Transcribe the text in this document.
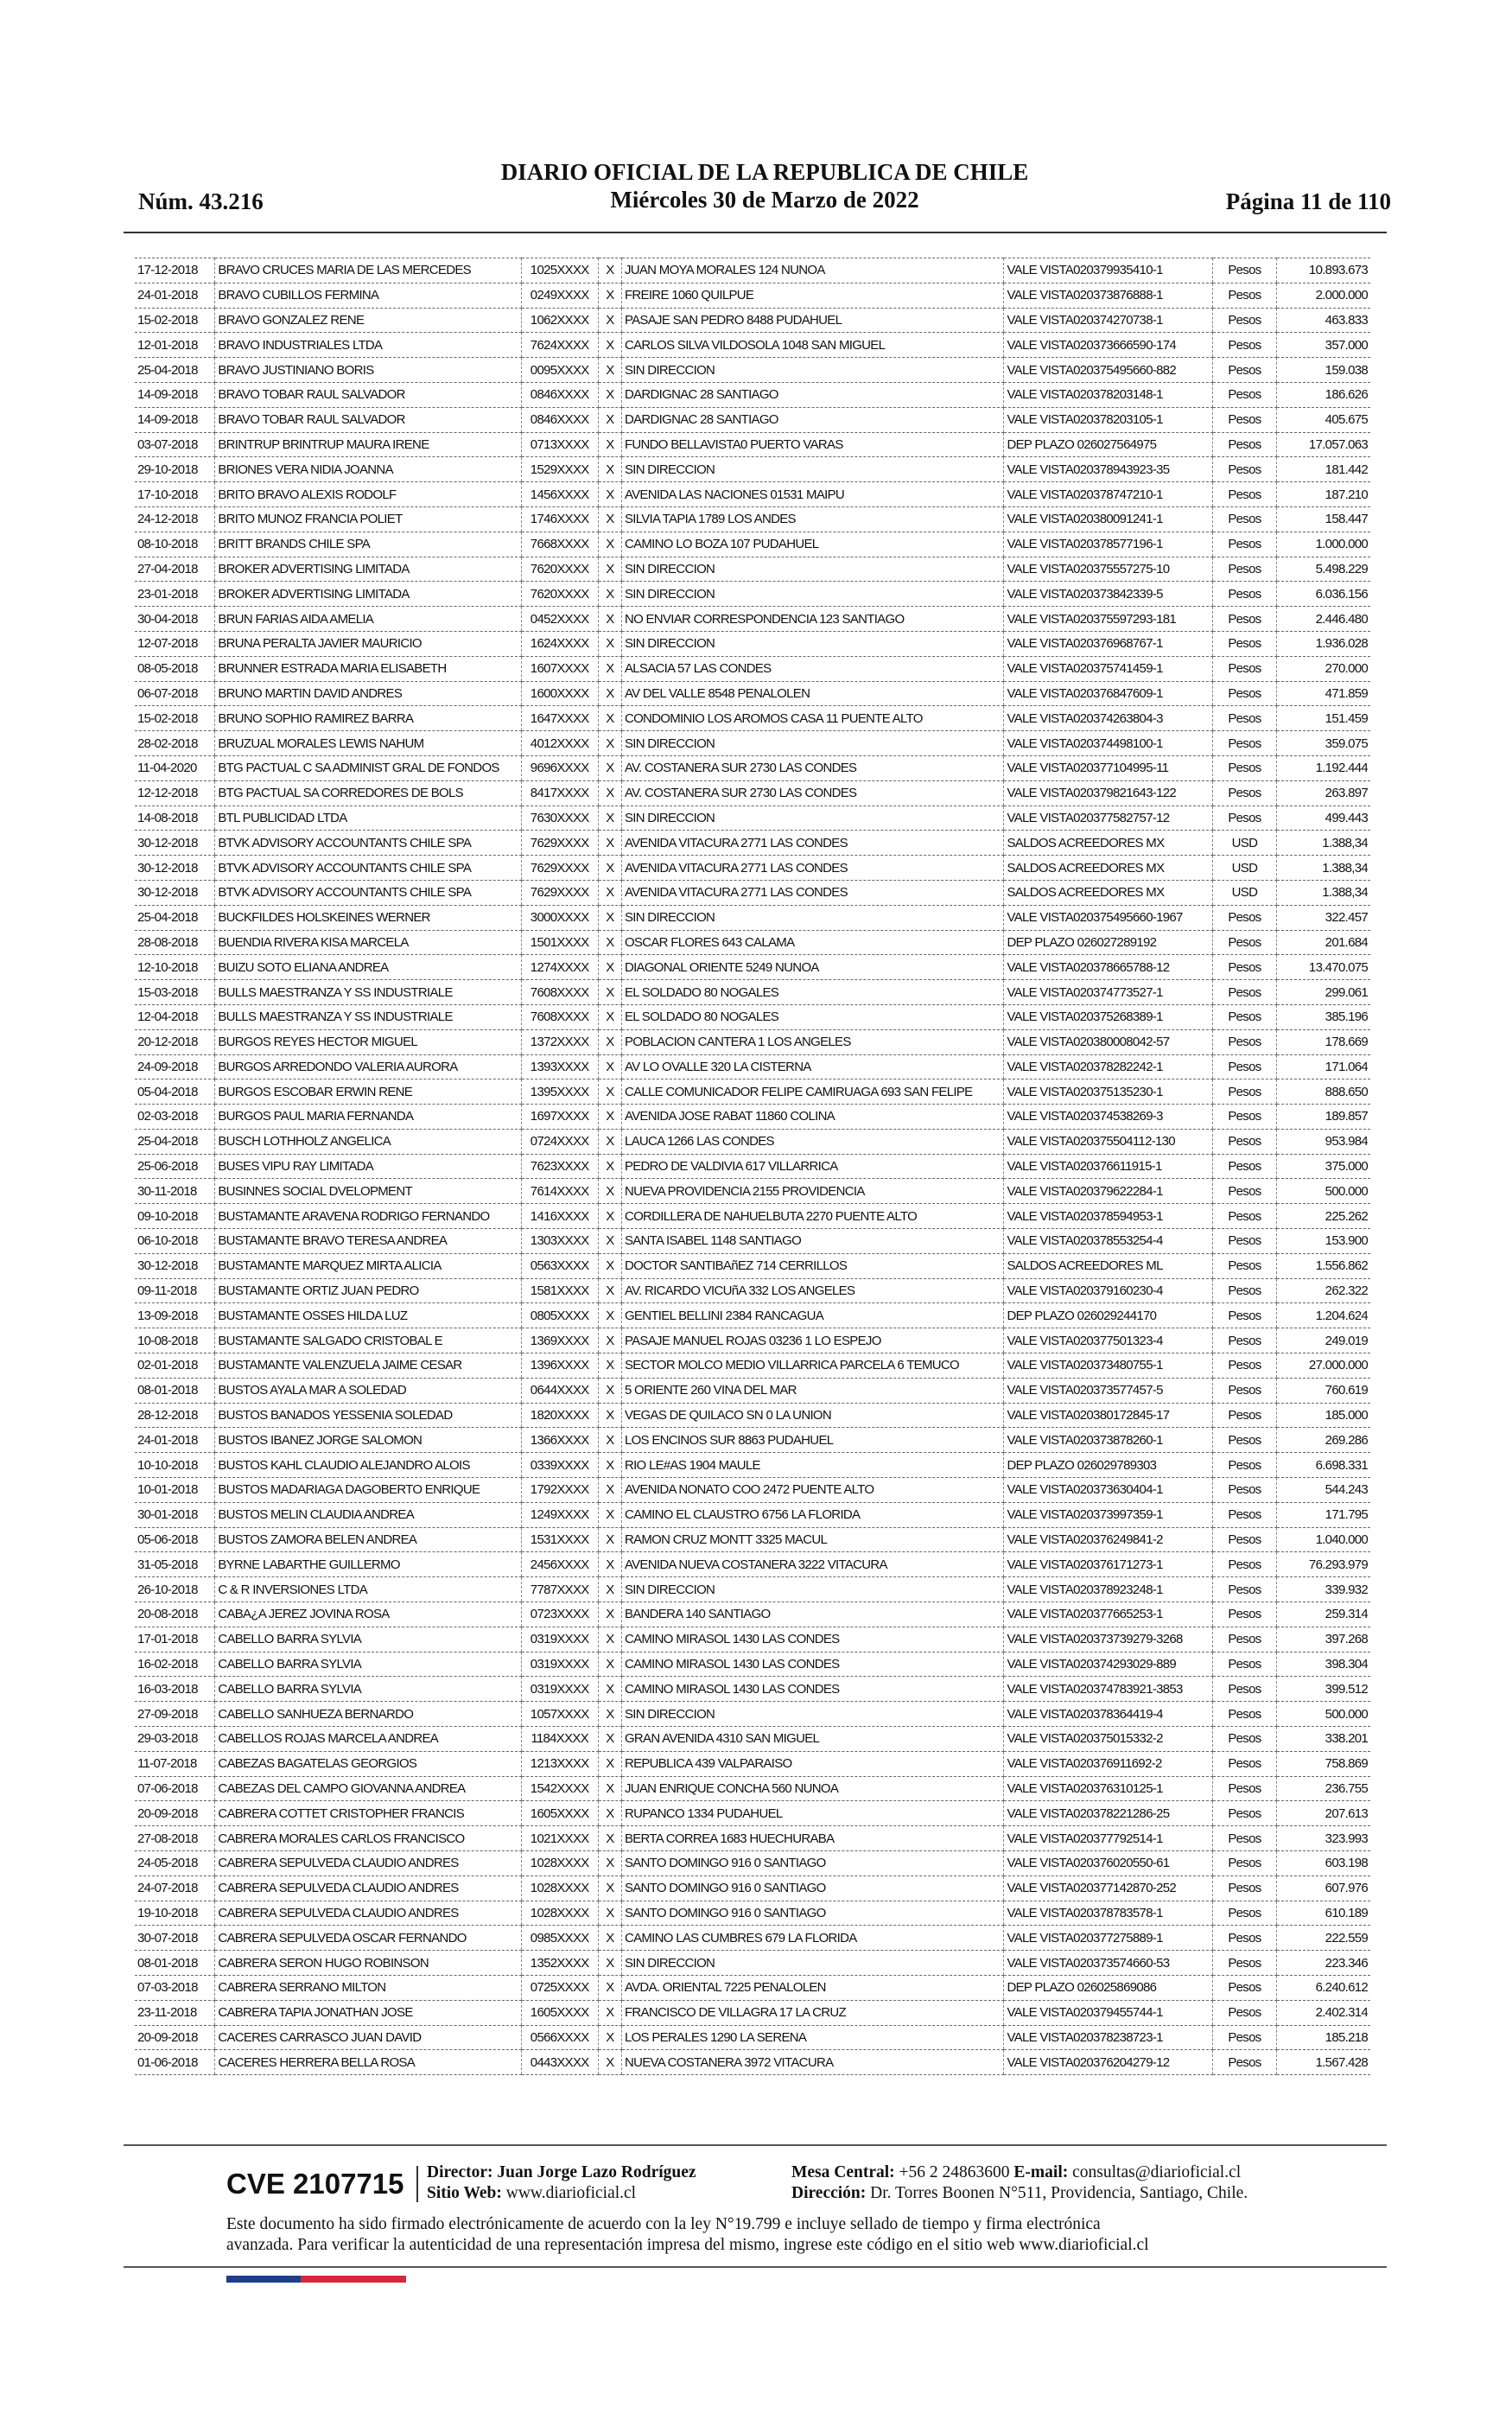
Núm. 43.216
DIARIO OFICIAL DE LA REPUBLICA DE CHILE
Miércoles 30 de Marzo de 2022	Página 11 de 110
17-12-2018	BRAVO CRUCES MARIA DE LAS MERCEDES	1025XXXX	X	JUAN MOYA MORALES 124 NUNOA	VALE VISTA020379935410-1	Pesos	10.893.673
24-01-2018	BRAVO CUBILLOS FERMINA	0249XXXX	X	FREIRE 1060 QUILPUE	VALE VISTA020373876888-1	Pesos	2.000.000
15-02-2018	BRAVO GONZALEZ RENE	1062XXXX	X	PASAJE SAN PEDRO 8488 PUDAHUEL	VALE VISTA020374270738-1	Pesos	463.833
12-01-2018	BRAVO INDUSTRIALES LTDA	7624XXXX	X	CARLOS SILVA VILDOSOLA 1048 SAN MIGUEL	VALE VISTA020373666590-174	Pesos	357.000
25-04-2018	BRAVO JUSTINIANO BORIS	0095XXXX	X	SIN DIRECCION	VALE VISTA020375495660-882	Pesos	159.038
14-09-2018	BRAVO TOBAR RAUL SALVADOR	0846XXXX	X	DARDIGNAC 28 SANTIAGO	VALE VISTA020378203148-1	Pesos	186.626
14-09-2018	BRAVO TOBAR RAUL SALVADOR	0846XXXX	X	DARDIGNAC 28 SANTIAGO	VALE VISTA020378203105-1	Pesos	405.675
03-07-2018	BRINTRUP BRINTRUP MAURA IRENE	0713XXXX	X	FUNDO BELLAVISTA0 PUERTO VARAS	DEP PLAZO 026027564975	Pesos	17.057.063
29-10-2018	BRIONES VERA NIDIA JOANNA	1529XXXX	X	SIN DIRECCION	VALE VISTA020378943923-35	Pesos	181.442
17-10-2018	BRITO BRAVO ALEXIS RODOLF	1456XXXX	X	AVENIDA LAS NACIONES 01531 MAIPU	VALE VISTA020378747210-1	Pesos	187.210
24-12-2018	BRITO MUNOZ FRANCIA POLIET	1746XXXX	X	SILVIA TAPIA 1789 LOS ANDES	VALE VISTA020380091241-1	Pesos	158.447
08-10-2018	BRITT BRANDS CHILE SPA	7668XXXX	X	CAMINO LO BOZA 107 PUDAHUEL	VALE VISTA020378577196-1	Pesos	1.000.000
27-04-2018	BROKER ADVERTISING LIMITADA	7620XXXX	X	SIN DIRECCION	VALE VISTA020375557275-10	Pesos	5.498.229
23-01-2018	BROKER ADVERTISING LIMITADA	7620XXXX	X	SIN DIRECCION	VALE VISTA020373842339-5	Pesos	6.036.156
30-04-2018	BRUN FARIAS AIDA AMELIA	0452XXXX	X	NO ENVIAR CORRESPONDENCIA 123 SANTIAGO	VALE VISTA020375597293-181	Pesos	2.446.480
12-07-2018	BRUNA PERALTA JAVIER MAURICIO	1624XXXX	X	SIN DIRECCION	VALE VISTA020376968767-1	Pesos	1.936.028
08-05-2018	BRUNNER ESTRADA MARIA ELISABETH	1607XXXX	X	ALSACIA 57 LAS CONDES	VALE VISTA020375741459-1	Pesos	270.000
06-07-2018	BRUNO MARTIN DAVID ANDRES	1600XXXX	X	AV DEL VALLE 8548 PENALOLEN	VALE VISTA020376847609-1	Pesos	471.859
15-02-2018	BRUNO SOPHIO RAMIREZ BARRA	1647XXXX	X	CONDOMINIO LOS AROMOS CASA 11 PUENTE ALTO	VALE VISTA020374263804-3	Pesos	151.459
28-02-2018	BRUZUAL MORALES LEWIS NAHUM	4012XXXX	X	SIN DIRECCION	VALE VISTA020374498100-1	Pesos	359.075
11-04-2020	BTG PACTUAL C SA ADMINIST GRAL DE FONDOS	9696XXXX	X	AV. COSTANERA SUR 2730 LAS CONDES	VALE VISTA020377104995-11	Pesos	1.192.444
12-12-2018	BTG PACTUAL SA CORREDORES DE BOLS	8417XXXX	X	AV. COSTANERA SUR 2730 LAS CONDES	VALE VISTA020379821643-122	Pesos	263.897
14-08-2018	BTL PUBLICIDAD LTDA	7630XXXX	X	SIN DIRECCION	VALE VISTA020377582757-12	Pesos	499.443
30-12-2018	BTVK ADVISORY ACCOUNTANTS CHILE SPA	7629XXXX	X	AVENIDA VITACURA 2771 LAS CONDES	SALDOS ACREEDORES MX	USD	1.388,34
30-12-2018	BTVK ADVISORY ACCOUNTANTS CHILE SPA	7629XXXX	X	AVENIDA VITACURA 2771 LAS CONDES	SALDOS ACREEDORES MX	USD	1.388,34
30-12-2018	BTVK ADVISORY ACCOUNTANTS CHILE SPA	7629XXXX	X	AVENIDA VITACURA 2771 LAS CONDES	SALDOS ACREEDORES MX	USD	1.388,34
25-04-2018	BUCKFILDES HOLSKEINES WERNER	3000XXXX	X	SIN DIRECCION	VALE VISTA020375495660-1967	Pesos	322.457
28-08-2018	BUENDIA RIVERA KISA MARCELA	1501XXXX	X	OSCAR FLORES 643 CALAMA	DEP PLAZO 026027289192	Pesos	201.684
12-10-2018	BUIZU SOTO ELIANA ANDREA	1274XXXX	X	DIAGONAL ORIENTE 5249 NUNOA	VALE VISTA020378665788-12	Pesos	13.470.075
15-03-2018	BULLS MAESTRANZA Y SS INDUSTRIALE	7608XXXX	X	EL SOLDADO 80 NOGALES	VALE VISTA020374773527-1	Pesos	299.061
12-04-2018	BULLS MAESTRANZA Y SS INDUSTRIALE	7608XXXX	X	EL SOLDADO 80 NOGALES	VALE VISTA020375268389-1	Pesos	385.196
20-12-2018	BURGOS REYES HECTOR MIGUEL	1372XXXX	X	POBLACION CANTERA 1 LOS ANGELES	VALE VISTA020380008042-57	Pesos	178.669
24-09-2018	BURGOS ARREDONDO VALERIA AURORA	1393XXXX	X	AV LO OVALLE 320 LA CISTERNA	VALE VISTA020378282242-1	Pesos	171.064
05-04-2018	BURGOS ESCOBAR ERWIN RENE	1395XXXX	X	CALLE COMUNICADOR FELIPE CAMIRUAGA 693 SAN FELIPE	VALE VISTA020375135230-1	Pesos	888.650
02-03-2018	BURGOS PAUL MARIA FERNANDA	1697XXXX	X	AVENIDA JOSE RABAT 11860 COLINA	VALE VISTA020374538269-3	Pesos	189.857
25-04-2018	BUSCH LOTHHOLZ ANGELICA	0724XXXX	X	LAUCA 1266 LAS CONDES	VALE VISTA020375504112-130	Pesos	953.984
25-06-2018	BUSES VIPU RAY LIMITADA	7623XXXX	X	PEDRO DE VALDIVIA 617 VILLARRICA	VALE VISTA020376611915-1	Pesos	375.000
30-11-2018	BUSINNES SOCIAL DVELOPMENT	7614XXXX	X	NUEVA PROVIDENCIA 2155 PROVIDENCIA	VALE VISTA020379622284-1	Pesos	500.000
09-10-2018	BUSTAMANTE ARAVENA RODRIGO FERNANDO	1416XXXX	X	CORDILLERA DE NAHUELBUTA 2270 PUENTE ALTO	VALE VISTA020378594953-1	Pesos	225.262
06-10-2018	BUSTAMANTE BRAVO TERESA ANDREA	1303XXXX	X	SANTA ISABEL 1148 SANTIAGO	VALE VISTA020378553254-4	Pesos	153.900
30-12-2018	BUSTAMANTE MARQUEZ MIRTA ALICIA	0563XXXX	X	DOCTOR SANTIBAñEZ 714 CERRILLOS	SALDOS ACREEDORES ML	Pesos	1.556.862
09-11-2018	BUSTAMANTE ORTIZ JUAN PEDRO	1581XXXX	X	AV. RICARDO VICUñA 332 LOS ANGELES	VALE VISTA020379160230-4	Pesos	262.322
13-09-2018	BUSTAMANTE OSSES HILDA LUZ	0805XXXX	X	GENTIEL BELLINI 2384 RANCAGUA	DEP PLAZO 026029244170	Pesos	1.204.624
10-08-2018	BUSTAMANTE SALGADO CRISTOBAL E	1369XXXX	X	PASAJE MANUEL ROJAS 03236 1 LO ESPEJO	VALE VISTA020377501323-4	Pesos	249.019
02-01-2018	BUSTAMANTE VALENZUELA JAIME CESAR	1396XXXX	X	SECTOR MOLCO MEDIO VILLARRICA PARCELA 6 TEMUCO	VALE VISTA020373480755-1	Pesos	27.000.000
08-01-2018	BUSTOS AYALA MAR A SOLEDAD	0644XXXX	X	5 ORIENTE 260 VINA DEL MAR	VALE VISTA020373577457-5	Pesos	760.619
28-12-2018	BUSTOS BANADOS YESSENIA SOLEDAD	1820XXXX	X	VEGAS DE QUILACO SN 0 LA UNION	VALE VISTA020380172845-17	Pesos	185.000
24-01-2018	BUSTOS IBANEZ JORGE SALOMON	1366XXXX	X	LOS ENCINOS SUR 8863 PUDAHUEL	VALE VISTA020373878260-1	Pesos	269.286
10-10-2018	BUSTOS KAHL CLAUDIO ALEJANDRO ALOIS	0339XXXX	X	RIO LE#AS 1904 MAULE	DEP PLAZO 026029789303	Pesos	6.698.331
10-01-2018	BUSTOS MADARIAGA DAGOBERTO ENRIQUE	1792XXXX	X	AVENIDA NONATO COO 2472 PUENTE ALTO	VALE VISTA020373630404-1	Pesos	544.243
30-01-2018	BUSTOS MELIN CLAUDIA ANDREA	1249XXXX	X	CAMINO EL CLAUSTRO 6756 LA FLORIDA	VALE VISTA020373997359-1	Pesos	171.795
05-06-2018	BUSTOS ZAMORA BELEN ANDREA	1531XXXX	X	RAMON CRUZ MONTT 3325 MACUL	VALE VISTA020376249841-2	Pesos	1.040.000
31-05-2018	BYRNE LABARTHE GUILLERMO	2456XXXX	X	AVENIDA NUEVA COSTANERA 3222 VITACURA	VALE VISTA020376171273-1	Pesos	76.293.979
26-10-2018	C & R INVERSIONES LTDA	7787XXXX	X	SIN DIRECCION	VALE VISTA020378923248-1	Pesos	339.932
20-08-2018	CABA¿A JEREZ JOVINA ROSA	0723XXXX	X	BANDERA 140 SANTIAGO	VALE VISTA020377665253-1	Pesos	259.314
17-01-2018	CABELLO BARRA SYLVIA	0319XXXX	X	CAMINO MIRASOL 1430 LAS CONDES	VALE VISTA020373739279-3268	Pesos	397.268
16-02-2018	CABELLO BARRA SYLVIA	0319XXXX	X	CAMINO MIRASOL 1430 LAS CONDES	VALE VISTA020374293029-889	Pesos	398.304
16-03-2018	CABELLO BARRA SYLVIA	0319XXXX	X	CAMINO MIRASOL 1430 LAS CONDES	VALE VISTA020374783921-3853	Pesos	399.512
27-09-2018	CABELLO SANHUEZA BERNARDO	1057XXXX	X	SIN DIRECCION	VALE VISTA020378364419-4	Pesos	500.000
29-03-2018	CABELLOS ROJAS MARCELA ANDREA	1184XXXX	X	GRAN AVENIDA 4310 SAN MIGUEL	VALE VISTA020375015332-2	Pesos	338.201
11-07-2018	CABEZAS BAGATELAS GEORGIOS	1213XXXX	X	REPUBLICA 439 VALPARAISO	VALE VISTA020376911692-2	Pesos	758.869
07-06-2018	CABEZAS DEL CAMPO GIOVANNA ANDREA	1542XXXX	X	JUAN ENRIQUE CONCHA 560 NUNOA	VALE VISTA020376310125-1	Pesos	236.755
20-09-2018	CABRERA COTTET CRISTOPHER FRANCIS	1605XXXX	X	RUPANCO 1334 PUDAHUEL	VALE VISTA020378221286-25	Pesos	207.613
27-08-2018	CABRERA MORALES CARLOS FRANCISCO	1021XXXX	X	BERTA CORREA 1683 HUECHURABA	VALE VISTA020377792514-1	Pesos	323.993
24-05-2018	CABRERA SEPULVEDA CLAUDIO ANDRES	1028XXXX	X	SANTO DOMINGO 916 0 SANTIAGO	VALE VISTA020376020550-61	Pesos	603.198
24-07-2018	CABRERA SEPULVEDA CLAUDIO ANDRES	1028XXXX	X	SANTO DOMINGO 916 0 SANTIAGO	VALE VISTA020377142870-252	Pesos	607.976
19-10-2018	CABRERA SEPULVEDA CLAUDIO ANDRES	1028XXXX	X	SANTO DOMINGO 916 0 SANTIAGO	VALE VISTA020378783578-1	Pesos	610.189
30-07-2018	CABRERA SEPULVEDA OSCAR FERNANDO	0985XXXX	X	CAMINO LAS CUMBRES 679 LA FLORIDA	VALE VISTA020377275889-1	Pesos	222.559
08-01-2018	CABRERA SERON HUGO ROBINSON	1352XXXX	X	SIN DIRECCION	VALE VISTA020373574660-53	Pesos	223.346
07-03-2018	CABRERA SERRANO MILTON	0725XXXX	X	AVDA. ORIENTAL 7225 PENALOLEN	DEP PLAZO 026025869086	Pesos	6.240.612
23-11-2018	CABRERA TAPIA JONATHAN JOSE	1605XXXX	X	FRANCISCO DE VILLAGRA 17 LA CRUZ	VALE VISTA020379455744-1	Pesos	2.402.314
20-09-2018	CACERES CARRASCO JUAN DAVID	0566XXXX	X	LOS PERALES 1290 LA SERENA	VALE VISTA020378238723-1	Pesos	185.218
01-06-2018	CACERES HERRERA BELLA ROSA	0443XXXX	X	NUEVA COSTANERA 3972 VITACURA	VALE VISTA020376204279-12	Pesos	1.567.428
CVE 2107715 Director: Juan Jorge Lazo Rodríguez
Sitio Web: www.diarioficial.cl
Mesa Central: +56 2 24863600 E-mail: consultas@diarioficial.cl
Dirección: Dr. Torres Boonen N°511, Providencia, Santiago, Chile.
Este documento ha sido firmado electrónicamente de acuerdo con la ley N°19.799 e incluye sellado de tiempo y firma electrónica
avanzada. Para verificar la autenticidad de una representación impresa del mismo, ingrese este código en el sitio web www.diarioficial.cl
